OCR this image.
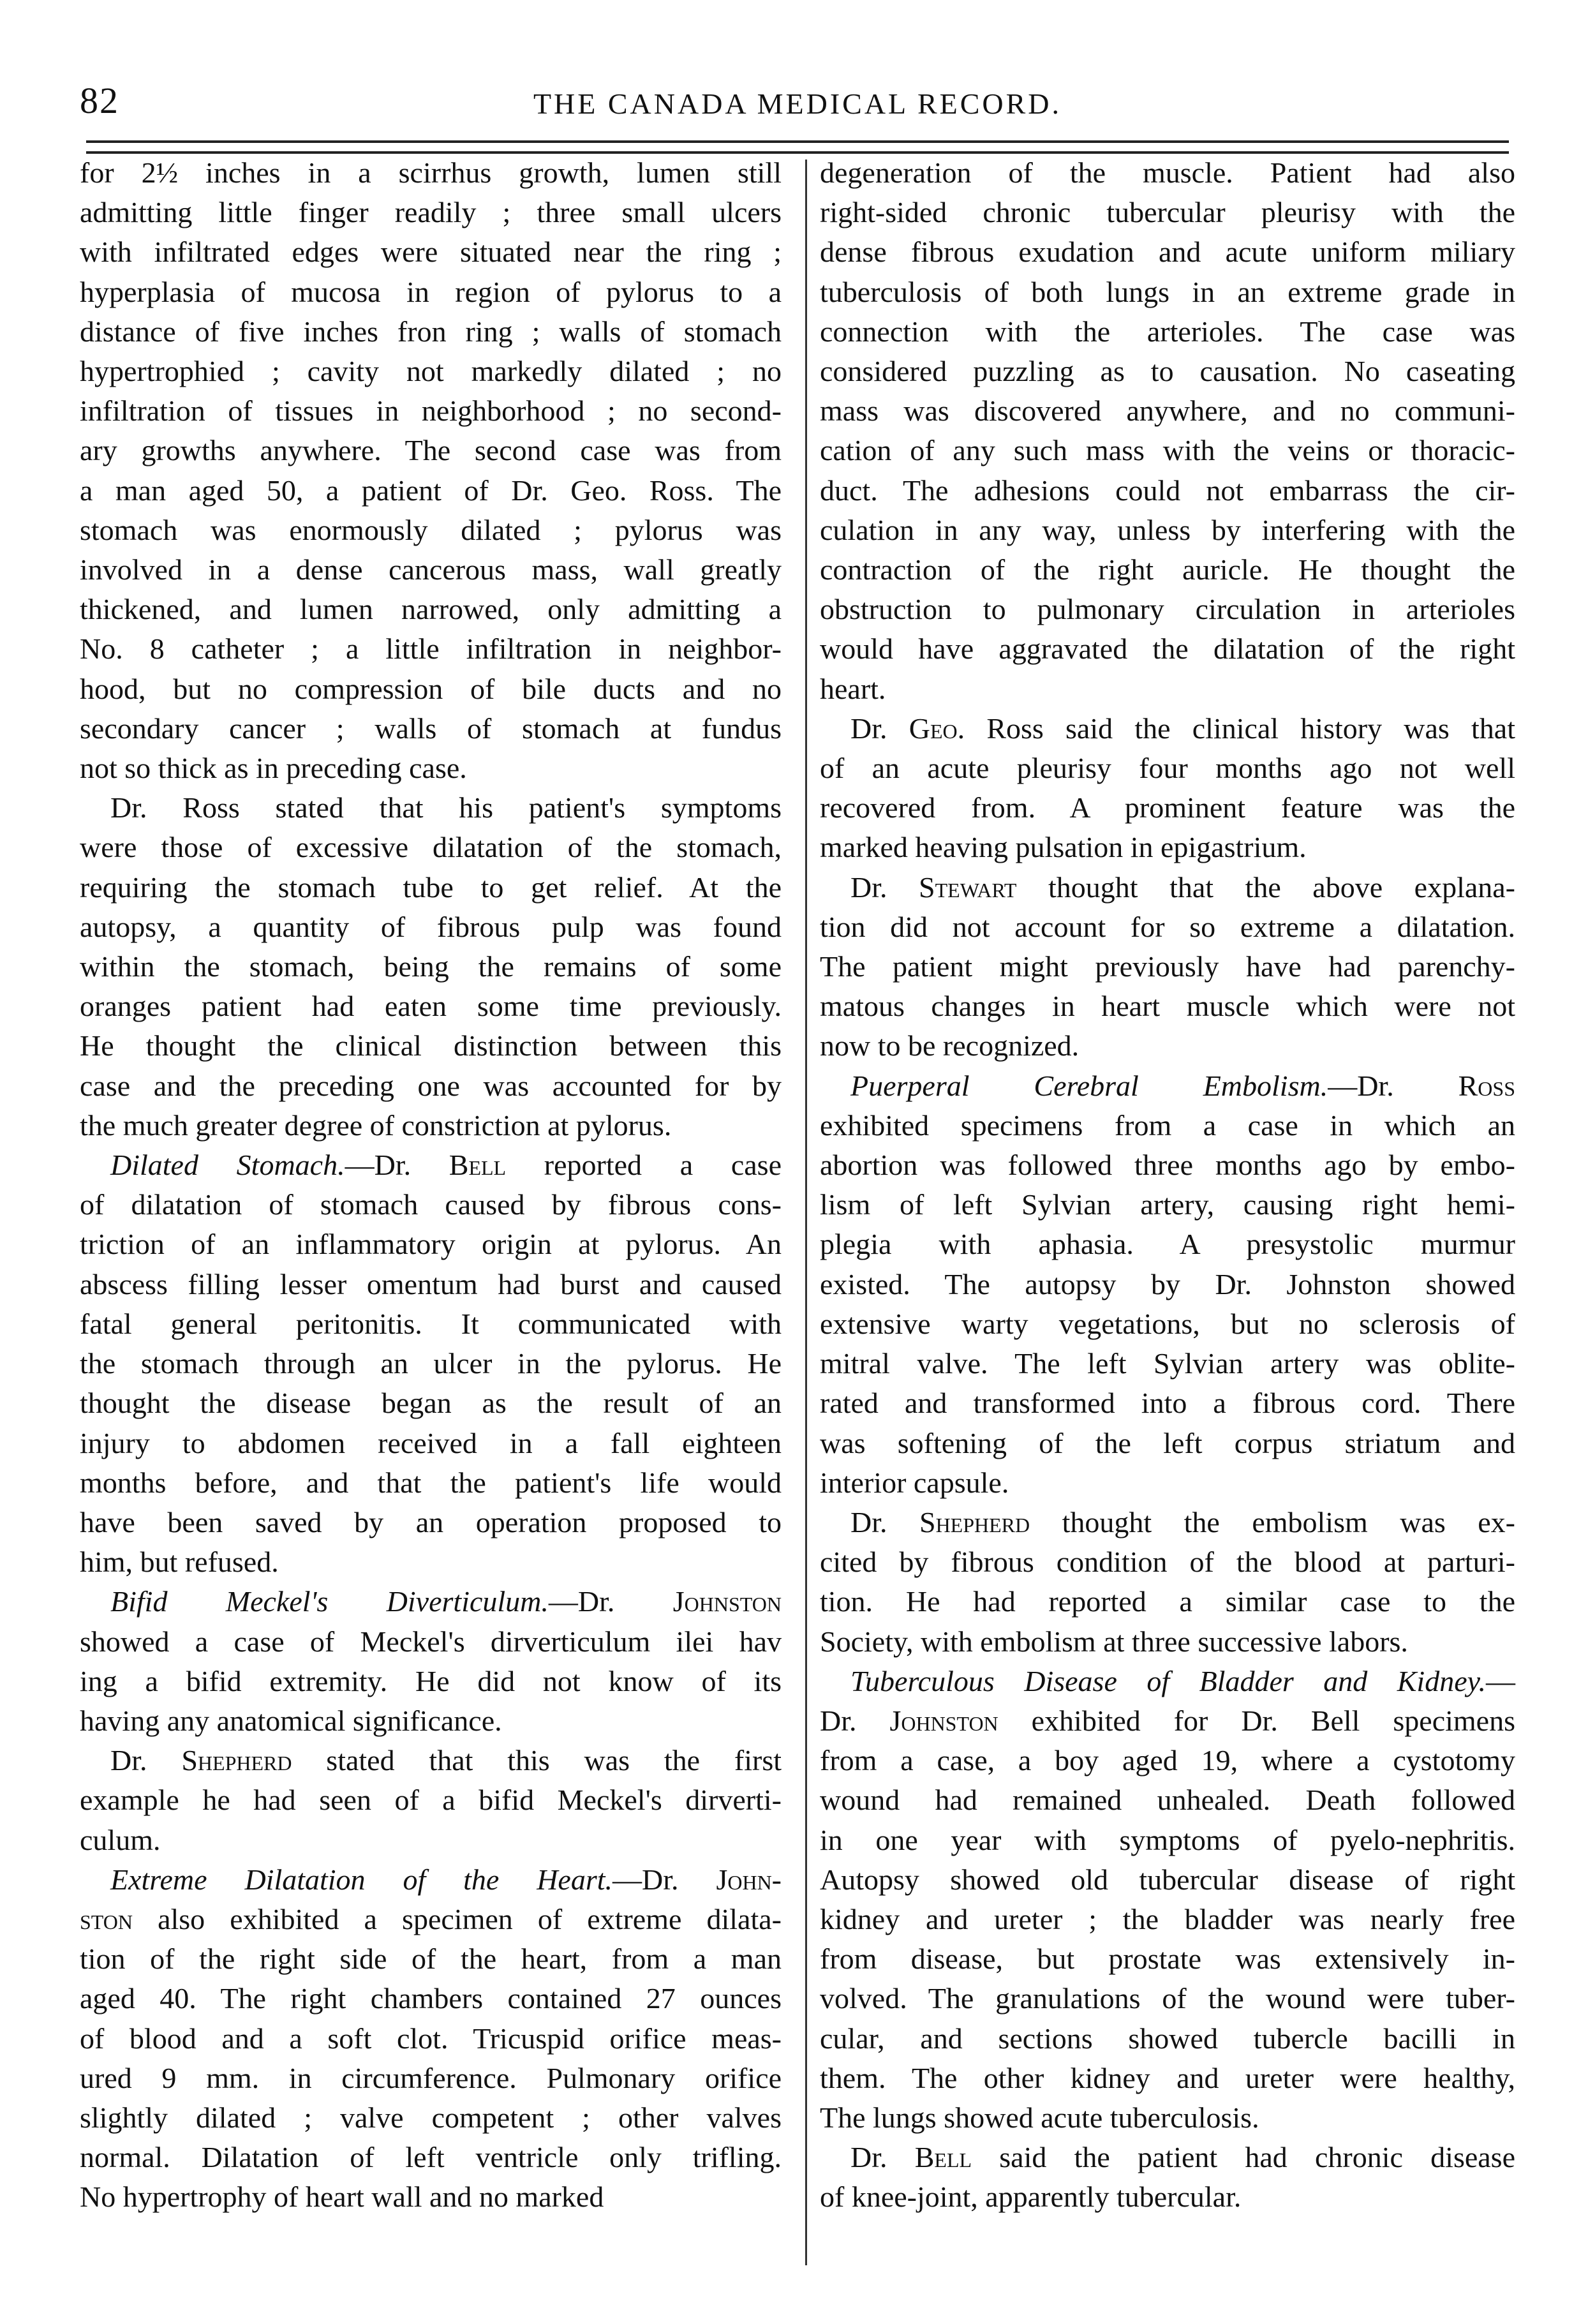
82	THE CANADA MEDICAL RECORD.
for 2½ inches in a scirrhus growth, lumen still
admitting little finger readily ; three small ulcers
with infiltrated edges were situated near the ring ;
hyperplasia of mucosa in region of pylorus to a
distance of five inches fron ring ; walls of stomach
hypertrophied ; cavity not markedly dilated ; no
infiltration of tissues in neighborhood ; no second-
ary growths anywhere. The second case was from
a man aged 50, a patient of Dr. Geo. Ross. The
stomach was enormously dilated ; pylorus was
involved in a dense cancerous mass, wall greatly
thickened, and lumen narrowed, only admitting a
No. 8 catheter ; a little infiltration in neighbor-
hood, but no compression of bile ducts and no
secondary cancer ; walls of stomach at fundus
not so thick as in preceding case.
Dr. Ross stated that his patient's symptoms
were those of excessive dilatation of the stomach,
requiring the stomach tube to get relief. At the
autopsy, a quantity of fibrous pulp was found
within the stomach, being the remains of some
oranges patient had eaten some time previously.
He thought the clinical distinction between this
case and the preceding one was accounted for by
the much greater degree of constriction at pylorus.
Dilated Stomach.—Dr. Bell reported a case
of dilatation of stomach caused by fibrous cons-
triction of an inflammatory origin at pylorus. An
abscess filling lesser omentum had burst and caused
fatal general peritonitis. It communicated with
the stomach through an ulcer in the pylorus. He
thought the disease began as the result of an
injury to abdomen received in a fall eighteen
months before, and that the patient's life would
have been saved by an operation proposed to
him, but refused.
Bifid Meckel's Diverticulum.—Dr. Johnston
showed a case of Meckel's dirverticulum ilei hav
ing a bifid extremity. He did not know of its
having any anatomical significance.
Dr. Shepherd stated that this was the first
example he had seen of a bifid Meckel's dirverti-
culum.
Extreme Dilatation of the Heart.—Dr. John-
ston also exhibited a specimen of extreme dilata-
tion of the right side of the heart, from a man
aged 40. The right chambers contained 27 ounces
of blood and a soft clot. Tricuspid orifice meas-
ured 9 mm. in circumference. Pulmonary orifice
slightly dilated ; valve competent ; other valves
normal. Dilatation of left ventricle only trifling.
No hypertrophy of heart wall and no marked
degeneration of the muscle. Patient had also
right-sided chronic tubercular pleurisy with the
dense fibrous exudation and acute uniform miliary
tuberculosis of both lungs in an extreme grade in
connection with the arterioles. The case was
considered puzzling as to causation. No caseating
mass was discovered anywhere, and no communi-
cation of any such mass with the veins or thoracic-
duct. The adhesions could not embarrass the cir-
culation in any way, unless by interfering with the
contraction of the right auricle. He thought the
obstruction to pulmonary circulation in arterioles
would have aggravated the dilatation of the right
heart.
Dr. Geo. Ross said the clinical history was that
of an acute pleurisy four months ago not well
recovered from. A prominent feature was the
marked heaving pulsation in epigastrium.
Dr. Stewart thought that the above explana-
tion did not account for so extreme a dilatation.
The patient might previously have had parenchy-
matous changes in heart muscle which were not
now to be recognized.
Puerperal Cerebral Embolism.—Dr. Ross
exhibited specimens from a case in which an
abortion was followed three months ago by embo-
lism of left Sylvian artery, causing right hemi-
plegia with aphasia. A presystolic murmur
existed. The autopsy by Dr. Johnston showed
extensive warty vegetations, but no sclerosis of
mitral valve. The left Sylvian artery was oblite-
rated and transformed into a fibrous cord. There
was softening of the left corpus striatum and
interior capsule.
Dr. Shepherd thought the embolism was ex-
cited by fibrous condition of the blood at parturi-
tion. He had reported a similar case to the
Society, with embolism at three successive labors.
Tuberculous Disease of Bladder and Kidney.—
Dr. Johnston exhibited for Dr. Bell specimens
from a case, a boy aged 19, where a cystotomy
wound had remained unhealed. Death followed
in one year with symptoms of pyelo-nephritis.
Autopsy showed old tubercular disease of right
kidney and ureter ; the bladder was nearly free
from disease, but prostate was extensively in-
volved. The granulations of the wound were tuber-
cular, and sections showed tubercle bacilli in
them. The other kidney and ureter were healthy,
The lungs showed acute tuberculosis.
Dr. Bell said the patient had chronic disease
of knee-joint, apparently tubercular.
